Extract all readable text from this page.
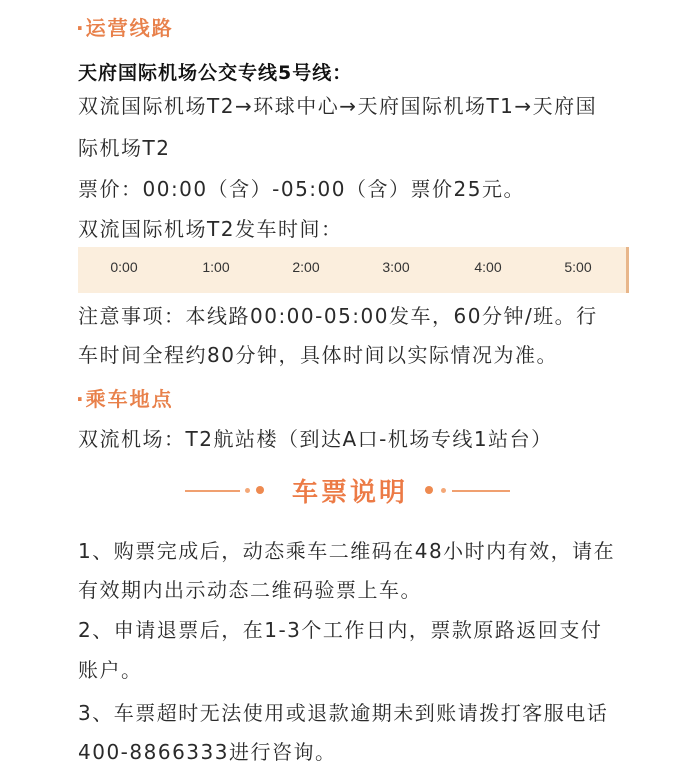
·运营线路
天府国际机场公交专线5号线：
双流国际机场T2→环球中心→天府国际机场T1→天府国
际机场T2
票价：00:00（含）-05:00（含）票价25元。
双流国际机场T2发车时间：
0:00	1:00	2:00	3:00	4:00	5:00
注意事项：本线路00:00-05:00发车，60分钟/班。行
车时间全程约80分钟，具体时间以实际情况为准。
·乘车地点
双流机场：T2航站楼（到达A口-机场专线1站台）
车票说明
1、购票完成后，动态乘车二维码在48小时内有效，请在
有效期内出示动态二维码验票上车。
2、申请退票后，在1-3个工作日内，票款原路返回支付
账户。
3、车票超时无法使用或退款逾期未到账请拨打客服电话
400-8866333进行咨询。
